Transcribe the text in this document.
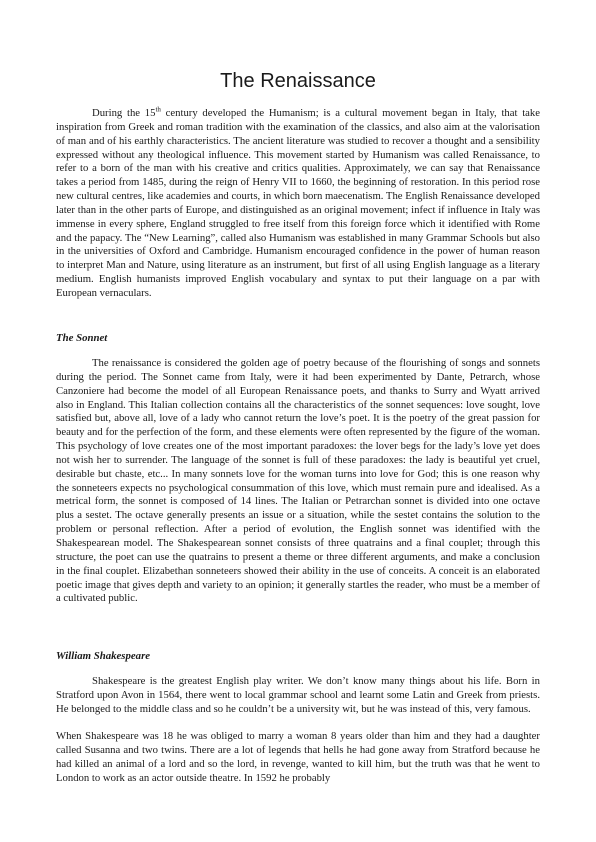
The Renaissance

During the 15th century developed the Humanism; is a cultural movement began in Italy, that take inspiration from Greek and roman tradition with the examination of the classics, and also aim at the valorisation of man and of his earthly characteristics. The ancient literature was studied to recover a thought and a sensibility expressed without any theological influence. This movement started by Humanism was called Renaissance, to refer to a born of the man with his creative and critics qualities. Approximately, we can say that Renaissance takes a period from 1485, during the reign of Henry VII to 1660, the beginning of restoration. In this period rose new cultural centres, like academies and courts, in which born maecenatism. The English Renaissance developed later than in the other parts of Europe, and distinguished as an original movement; infect if influence in Italy was immense in every sphere, England struggled to free itself from this foreign force which it identified with Rome and the papacy. The “New Learning”, called also Humanism was established in many Grammar Schools but also in the universities of Oxford and Cambridge. Humanism encouraged confidence in the power of human reason to interpret Man and Nature, using literature as an instrument, but first of all using English language as a literary medium. English humanists improved English vocabulary and syntax to put their language on a par with European vernaculars.

The Sonnet

The renaissance is considered the golden age of poetry because of the flourishing of songs and sonnets during the period. The Sonnet came from Italy, were it had been experimented by Dante, Petrarch, whose Canzoniere had become the model of all European Renaissance poets, and thanks to Surry and Wyatt arrived also in England. This Italian collection contains all the characteristics of the sonnet sequences: love sought, love satisfied but, above all, love of a lady who cannot return the love’s poet. It is the poetry of the great passion for beauty and for the perfection of the form, and these elements were often represented by the figure of the woman. This psychology of love creates one of the most important paradoxes: the lover begs for the lady’s love yet does not wish her to surrender. The language of the sonnet is full of these paradoxes: the lady is beautiful yet cruel, desirable but chaste, etc... In many sonnets love for the woman turns into love for God; this is one reason why the sonneteers expects no psychological consummation of this love, which must remain pure and idealised. As a metrical form, the sonnet is composed of 14 lines. The Italian or Petrarchan sonnet is divided into one octave plus a sestet. The octave generally presents an issue or a situation, while the sestet contains the solution to the problem or personal reflection. After a period of evolution, the English sonnet was identified with the Shakespearean model. The Shakespearean sonnet consists of three quatrains and a final couplet; through this structure, the poet can use the quatrains to present a theme or three different arguments, and make a conclusion in the final couplet. Elizabethan sonneteers showed their ability in the use of conceits. A conceit is an elaborated poetic image that gives depth and variety to an opinion; it generally startles the reader, who must be a member of a cultivated public.

William Shakespeare

Shakespeare is the greatest English play writer. We don’t know many things about his life. Born in Stratford upon Avon in 1564, there went to local grammar school and learnt some Latin and Greek from priests. He belonged to the middle class and so he couldn’t be a university wit, but he was instead of this, very famous.

When Shakespeare was 18 he was obliged to marry a woman 8 years older than him and they had a daughter called Susanna and two twins. There are a lot of legends that hells he had gone away from Stratford because he had killed an animal of a lord and so the lord, in revenge, wanted to kill him, but the truth was that he went to London to work as an actor outside theatre. In 1592 he probably
